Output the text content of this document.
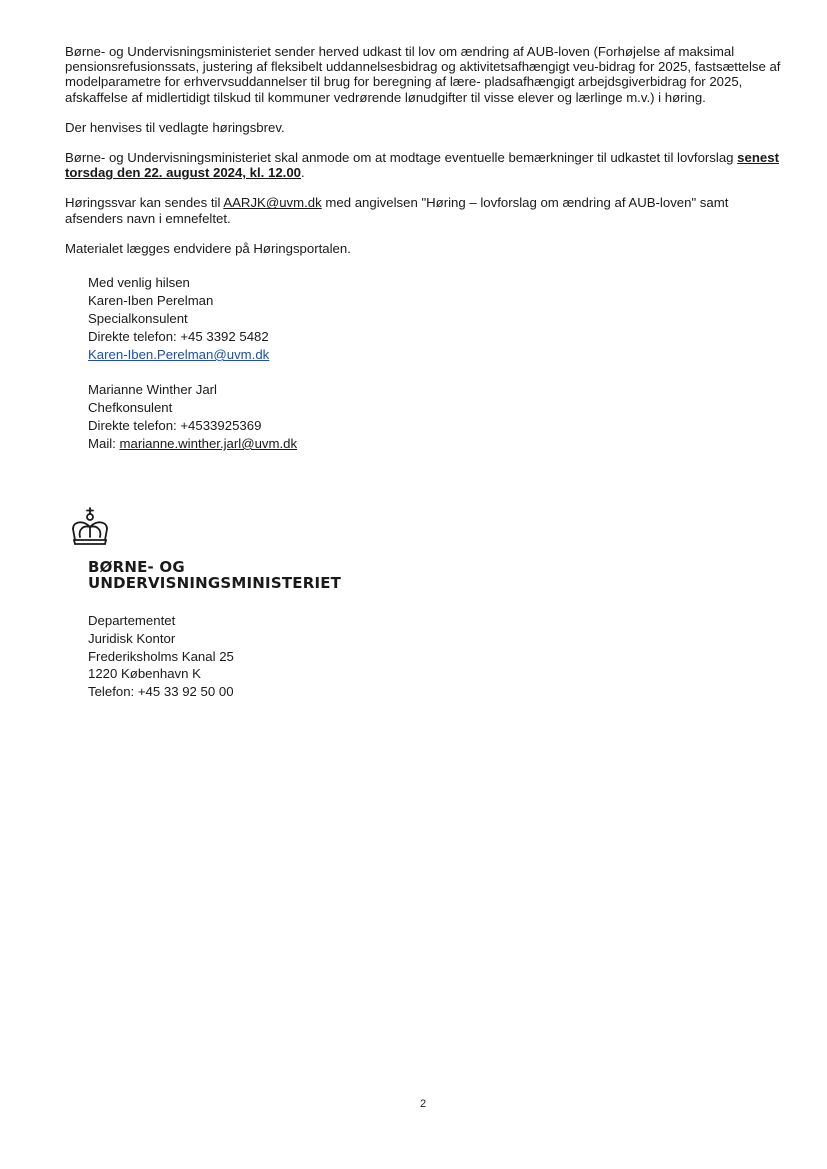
Børne- og Undervisningsministeriet sender herved udkast til lov om ændring af AUB-loven (Forhøjelse af maksimal pensionsrefusionssats, justering af fleksibelt uddannelsesbidrag og aktivitetsafhængigt veu-bidrag for 2025, fastsættelse af modelparametre for erhvervsuddannelser til brug for beregning af lære- pladsafhængigt arbejdsgiverbidrag for 2025, afskaffelse af midlertidigt tilskud til kommuner vedrørende lønudgifter til visse elever og lærlinge m.v.) i høring.

Der henvises til vedlagte høringsbrev.

Børne- og Undervisningsministeriet skal anmode om at modtage eventuelle bemærkninger til udkastet til lovforslag senest torsdag den 22. august 2024, kl. 12.00.

Høringssvar kan sendes til AARJK@uvm.dk med angivelsen "Høring – lovforslag om ændring af AUB-loven" samt afsenders navn i emnefeltet.

Materialet lægges endvidere på Høringsportalen.

Med venlig hilsen
Karen-Iben Perelman
Specialkonsulent
Direkte telefon: +45 3392 5482
Karen-Iben.Perelman@uvm.dk
Marianne Winther Jarl
Chefkonsulent
Direkte telefon: +4533925369
Mail: marianne.winther.jarl@uvm.dk
BØRNE- OG
UNDERVISNINGSMINISTERIET
Departementet
Juridisk Kontor
Frederiksholms Kanal 25
1220 København K
Telefon: +45 33 92 50 00
2
